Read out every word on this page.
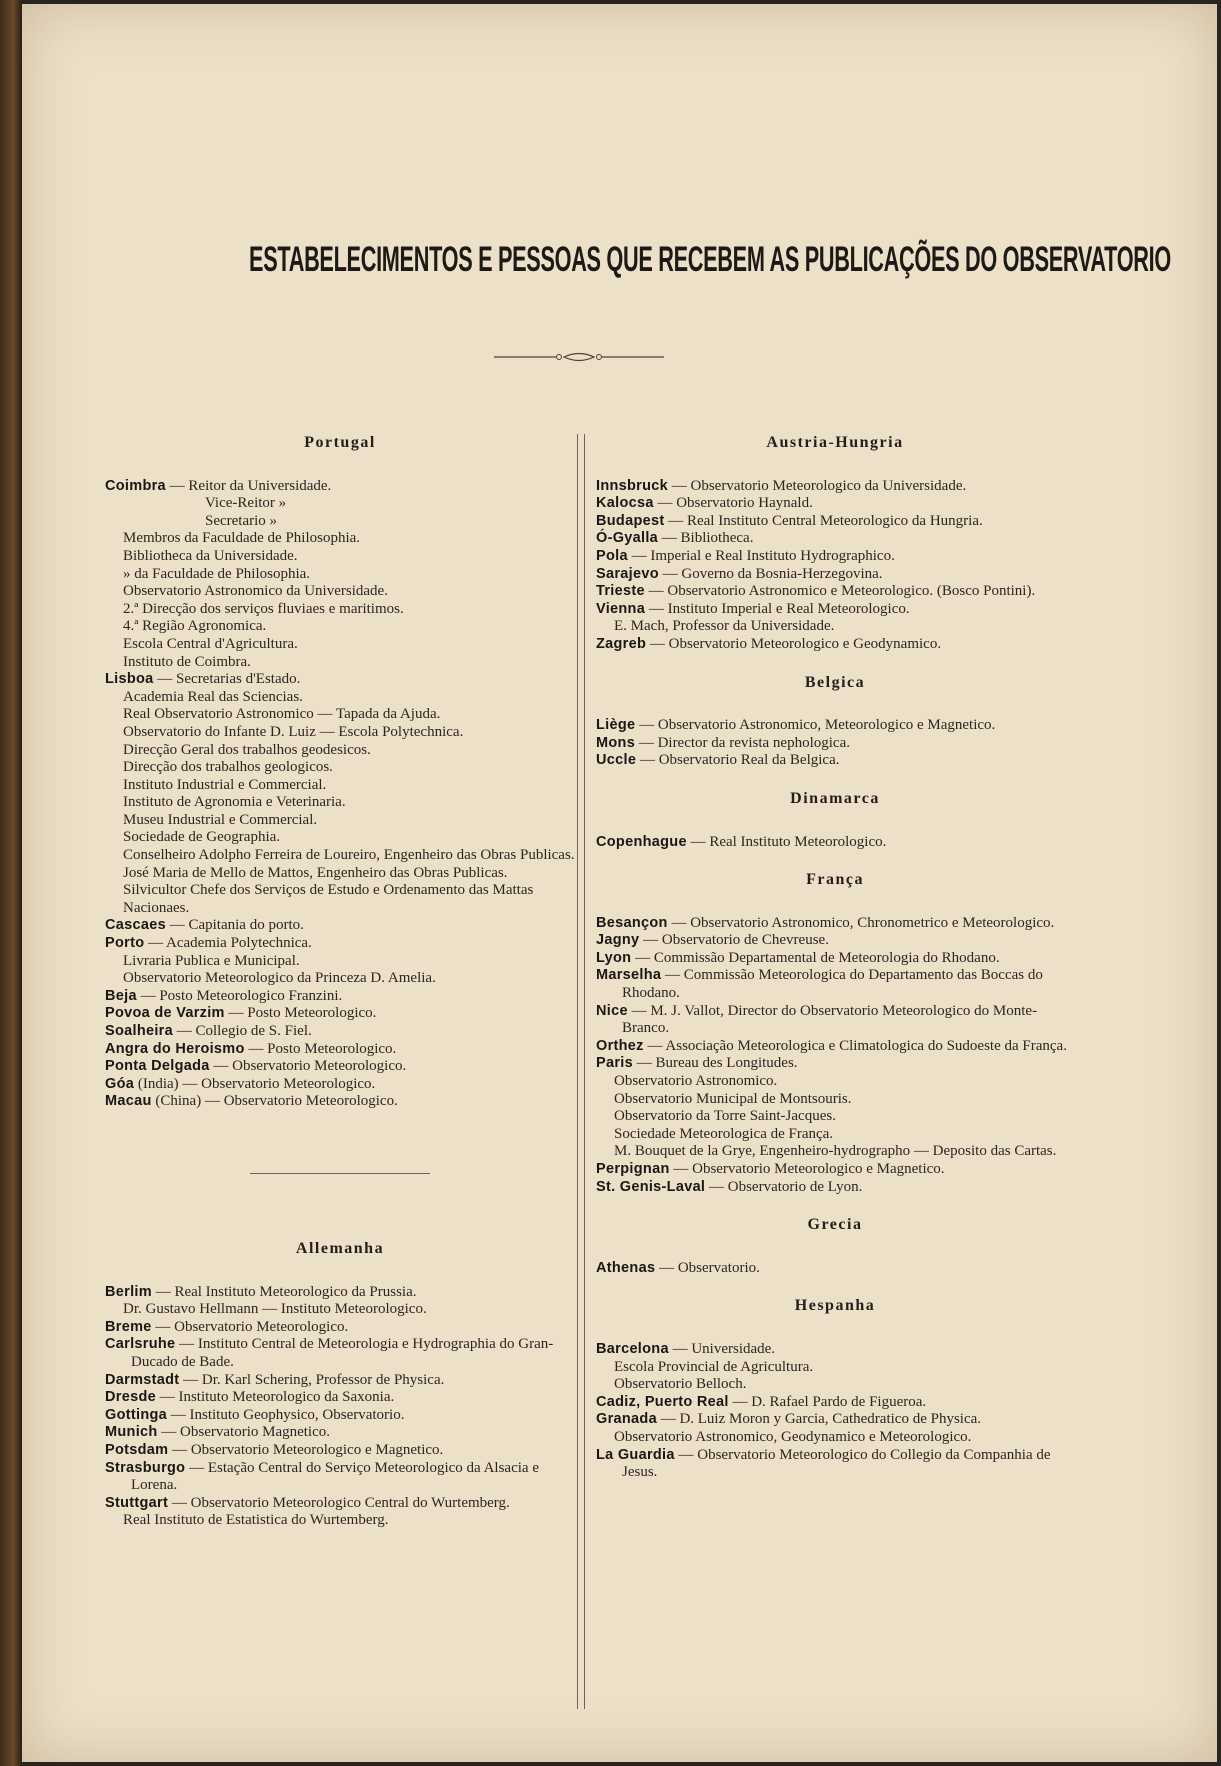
ESTABELECIMENTOS E PESSOAS QUE RECEBEM AS PUBLICAÇÕES DO OBSERVATORIO
Portugal
Coimbra — Reitor da Universidade.
Vice-Reitor »
Secretario »
Membros da Faculdade de Philosophia.
Bibliotheca da Universidade.
» da Faculdade de Philosophia.
Observatorio Astronomico da Universidade.
2.ª Direcção dos serviços fluviaes e maritimos.
4.ª Região Agronomica.
Escola Central d'Agricultura.
Instituto de Coimbra.
Lisboa — Secretarias d'Estado.
Academia Real das Sciencias.
Real Observatorio Astronomico — Tapada da Ajuda.
Observatorio do Infante D. Luiz — Escola Polytechnica.
Direcção Geral dos trabalhos geodesicos.
Direcção dos trabalhos geologicos.
Instituto Industrial e Commercial.
Instituto de Agronomia e Veterinaria.
Museu Industrial e Commercial.
Sociedade de Geographia.
Conselheiro Adolpho Ferreira de Loureiro, Engenheiro das Obras Publicas.
José Maria de Mello de Mattos, Engenheiro das Obras Publicas.
Silvicultor Chefe dos Serviços de Estudo e Ordenamento das Mattas Nacionaes.
Cascaes — Capitania do porto.
Porto — Academia Polytechnica.
Livraria Publica e Municipal.
Observatorio Meteorologico da Princeza D. Amelia.
Beja — Posto Meteorologico Franzini.
Povoa de Varzim — Posto Meteorologico.
Soalheira — Collegio de S. Fiel.
Angra do Heroismo — Posto Meteorologico.
Ponta Delgada — Observatorio Meteorologico.
Góa (India) — Observatorio Meteorologico.
Macau (China) — Observatorio Meteorologico.
Allemanha
Berlim — Real Instituto Meteorologico da Prussia.
Dr. Gustavo Hellmann — Instituto Meteorologico.
Breme — Observatorio Meteorologico.
Carlsruhe — Instituto Central de Meteorologia e Hydrographia do Gran-Ducado de Bade.
Darmstadt — Dr. Karl Schering, Professor de Physica.
Dresde — Instituto Meteorologico da Saxonia.
Gottinga — Instituto Geophysico, Observatorio.
Munich — Observatorio Magnetico.
Potsdam — Observatorio Meteorologico e Magnetico.
Strasburgo — Estação Central do Serviço Meteorologico da Alsacia e Lorena.
Stuttgart — Observatorio Meteorologico Central do Wurtemberg.
Real Instituto de Estatistica do Wurtemberg.
Austria-Hungria
Innsbruck — Observatorio Meteorologico da Universidade.
Kalocsa — Observatorio Haynald.
Budapest — Real Instituto Central Meteorologico da Hungria.
Ó-Gyalla — Bibliotheca.
Pola — Imperial e Real Instituto Hydrographico.
Sarajevo — Governo da Bosnia-Herzegovina.
Trieste — Observatorio Astronomico e Meteorologico. (Bosco Pontini).
Vienna — Instituto Imperial e Real Meteorologico.
E. Mach, Professor da Universidade.
Zagreb — Observatorio Meteorologico e Geodynamico.
Belgica
Liège — Observatorio Astronomico, Meteorologico e Magnetico.
Mons — Director da revista nephologica.
Uccle — Observatorio Real da Belgica.
Dinamarca
Copenhague — Real Instituto Meteorologico.
França
Besançon — Observatorio Astronomico, Chronometrico e Meteorologico.
Jagny — Observatorio de Chevreuse.
Lyon — Commissão Departamental de Meteorologia do Rhodano.
Marselha — Commissão Meteorologica do Departamento das Boccas do Rhodano.
Nice — M. J. Vallot, Director do Observatorio Meteorologico do Monte-Branco.
Orthez — Associação Meteorologica e Climatologica do Sudoeste da França.
Paris — Bureau des Longitudes.
Observatorio Astronomico.
Observatorio Municipal de Montsouris.
Observatorio da Torre Saint-Jacques.
Sociedade Meteorologica de França.
M. Bouquet de la Grye, Engenheiro-hydrographo — Deposito das Cartas.
Perpignan — Observatorio Meteorologico e Magnetico.
St. Genis-Laval — Observatorio de Lyon.
Grecia
Athenas — Observatorio.
Hespanha
Barcelona — Universidade.
Escola Provincial de Agricultura.
Observatorio Belloch.
Cadiz, Puerto Real — D. Rafael Pardo de Figueroa.
Granada — D. Luiz Moron y Garcia, Cathedratico de Physica.
Observatorio Astronomico, Geodynamico e Meteorologico.
La Guardia — Observatorio Meteorologico do Collegio da Companhia de Jesus.
